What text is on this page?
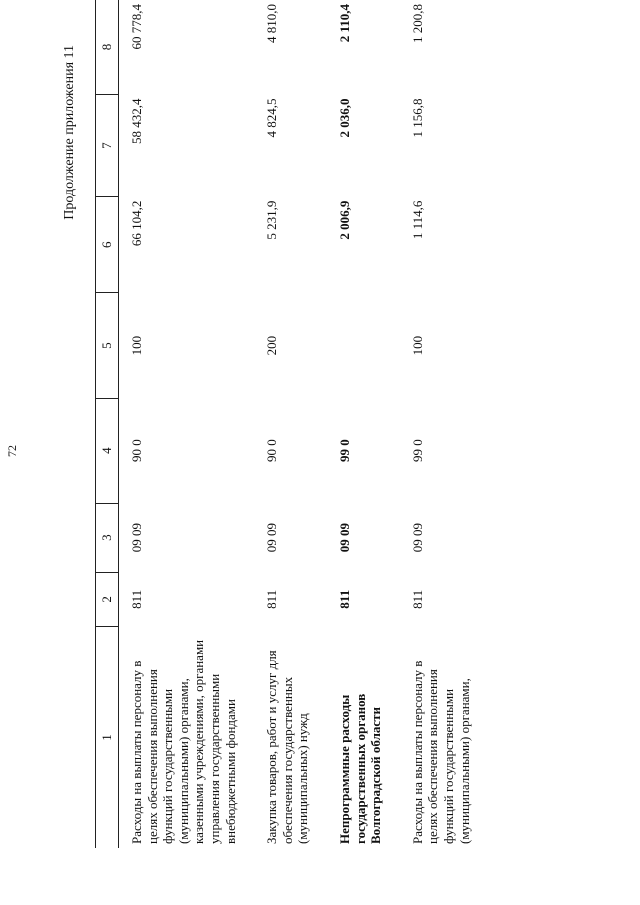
72
Продолжение приложения 11
1	2	3	4	5	6	7	8
Расходы на выплаты персоналу в целях обеспечения выполнения функций государственными (муниципальными) органами, казенными учреждениями, органами управления государственными внебюджетными фондами	811	09 09	90 0	100	66 104,2	58 432,4	60 778,4
Закупка товаров, работ и услуг для обеспечения государственных (муниципальных) нужд	811	09 09	90 0	200	5 231,9	4 824,5	4 810,0
Непрограммные расходы государственных органов Волгоградской области	811	09 09	99 0		2 006,9	2 036,0	2 110,4
Расходы на выплаты персоналу в целях обеспечения выполнения функций государственными (муниципальными) органами,	811	09 09	99 0	100	1 114,6	1 156,8	1 200,8
